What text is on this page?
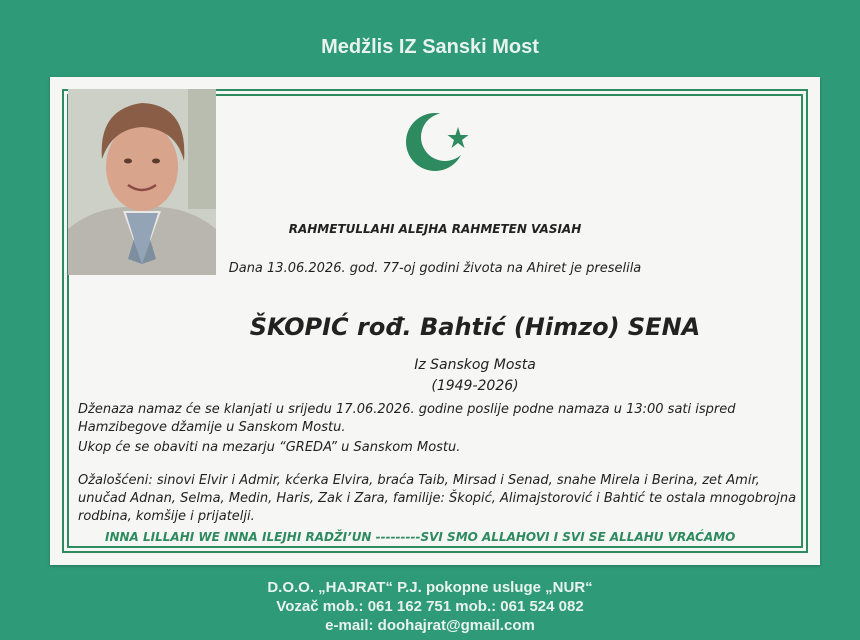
Medžlis IZ Sanski Most
RAHMETULLAHI ALEJHA RAHMETEN VASIAH
Dana 13.06.2026. god. 77-oj godini života na Ahiret je preselila
ŠKOPIĆ rođ. Bahtić (Himzo) SENA
Iz Sanskog Mosta
(1949-2026)
Dženaza namaz će se klanjati u srijedu 17.06.2026. godine poslije podne namaza u 13:00 sati ispred Hamzibegove džamije u Sanskom Mostu.
Ukop će se obaviti na mezarju “GREDA” u Sanskom Mostu.
Ožalošćeni: sinovi Elvir i Admir, kćerka Elvira, braća Taib, Mirsad i Senad, snahe Mirela i Berina, zet Amir, unučad Adnan, Selma, Medin, Haris, Zak i Zara, familije: Škopić, Alimajstorović i Bahtić te ostala mnogobrojna rodbina, komšije i prijatelji.
INNA LILLAHI WE INNA ILEJHI RADŽI’UN ---------SVI SMO ALLAHOVI I SVI SE ALLAHU VRAĆAMO
D.O.O. „HAJRAT“ P.J. pokopne usluge „NUR“
Vozač mob.: 061 162 751 mob.: 061 524 082
e-mail: doohajrat@gmail.com
